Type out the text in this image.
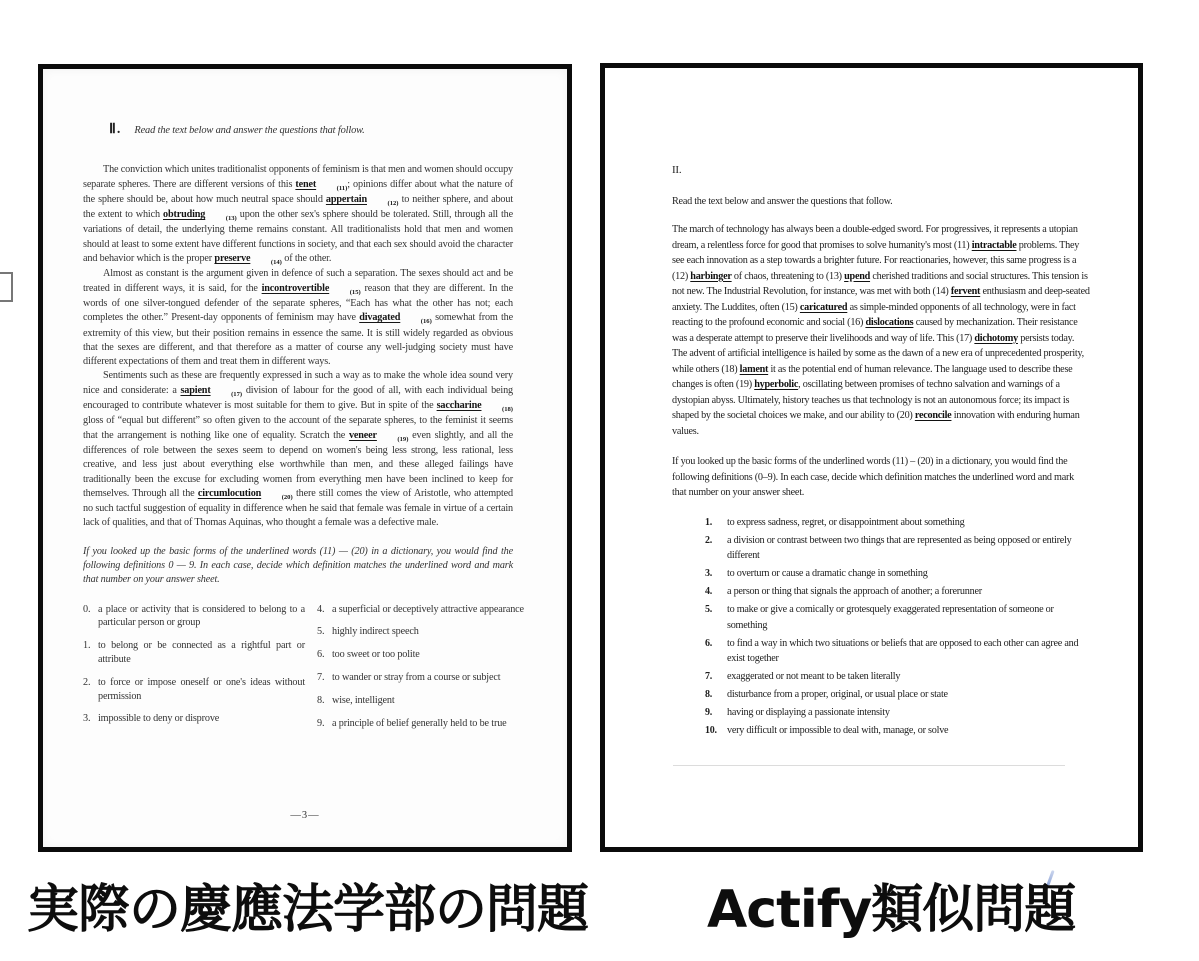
Ⅱ. Read the text below and answer the questions that follow.

The conviction which unites traditionalist opponents of feminism is that men and women should occupy separate spheres. There are different versions of this tenet	(11); opinions differ about what the nature of the sphere should be, about how much neutral space should appertain	(12) to neither sphere, and about the extent to which obtruding	(13) upon the other sex's sphere should be tolerated. Still, through all the variations of detail, the underlying theme remains constant. All traditionalists hold that men and women should at least to some extent have different functions in society, and that each sex should avoid the character and behavior which is the proper preserve	(14) of the other.

Almost as constant is the argument given in defence of such a separation. The sexes should act and be treated in different ways, it is said, for the incontrovertible	(15) reason that they are different. In the words of one silver-tongued defender of the separate spheres, “Each has what the other has not; each completes the other.” Present-day opponents of feminism may have divagated	(16) somewhat from the extremity of this view, but their position remains in essence the same. It is still widely regarded as obvious that the sexes are different, and that therefore as a matter of course any well-judging society must have different expectations of them and treat them in different ways.

Sentiments such as these are frequently expressed in such a way as to make the whole idea sound very nice and considerate: a sapient	(17) division of labour for the good of all, with each individual being encouraged to contribute whatever is most suitable for them to give. But in spite of the saccharine	(18) gloss of “equal but different” so often given to the account of the separate spheres, to the feminist it seems that the arrangement is nothing like one of equality. Scratch the veneer	(19) even slightly, and all the differences of role between the sexes seem to depend on women's being less strong, less rational, less creative, and less just about everything else worthwhile than men, and these alleged failings have traditionally been the excuse for excluding women from everything men have been inclined to keep for themselves. Through all the circumlocution	(20) there still comes the view of Aristotle, who attempted no such tactful suggestion of equality in difference when he said that female was female in virtue of a certain lack of qualities, and that of Thomas Aquinas, who thought a female was a defective male.

If you looked up the basic forms of the underlined words (11) — (20) in a dictionary, you would find the following definitions 0 — 9. In each case, decide which definition matches the underlined word and mark that number on your answer sheet.

0. a place or activity that is considered to belong to a particular person or group
1. to belong or be connected as a rightful part or attribute
2. to force or impose oneself or one's ideas without permission
3. impossible to deny or disprove
4. a superficial or deceptively attractive appearance
5. highly indirect speech
6. too sweet or too polite
7. to wander or stray from a course or subject
8. wise, intelligent
9. a principle of belief generally held to be true
—3—

II.

Read the text below and answer the questions that follow.

The march of technology has always been a double-edged sword. For progressives, it represents a utopian dream, a relentless force for good that promises to solve humanity's most (11) intractable problems. They see each innovation as a step towards a brighter future. For reactionaries, however, this same progress is a (12) harbinger of chaos, threatening to (13) upend cherished traditions and social structures. This tension is not new. The Industrial Revolution, for instance, was met with both (14) fervent enthusiasm and deep-seated anxiety. The Luddites, often (15) caricatured as simple-minded opponents of all technology, were in fact reacting to the profound economic and social (16) dislocations caused by mechanization. Their resistance was a desperate attempt to preserve their livelihoods and way of life. This (17) dichotomy persists today. The advent of artificial intelligence is hailed by some as the dawn of a new era of unprecedented prosperity, while others (18) lament it as the potential end of human relevance. The language used to describe these changes is often (19) hyperbolic, oscillating between promises of techno salvation and warnings of a dystopian abyss. Ultimately, history teaches us that technology is not an autonomous force; its impact is shaped by the societal choices we make, and our ability to (20) reconcile innovation with enduring human values.

If you looked up the basic forms of the underlined words (11) – (20) in a dictionary, you would find the following definitions (0–9). In each case, decide which definition matches the underlined word and mark that number on your answer sheet.

1.	to express sadness, regret, or disappointment about something
2.	a division or contrast between two things that are represented as being opposed or entirely different
3.	to overturn or cause a dramatic change in something
4.	a person or thing that signals the approach of another; a forerunner
5.	to make or give a comically or grotesquely exaggerated representation of someone or something
6.	to find a way in which two situations or beliefs that are opposed to each other can agree and exist together
7.	exaggerated or not meant to be taken literally
8.	disturbance from a proper, original, or usual place or state
9.	having or displaying a passionate intensity
10.	very difficult or impossible to deal with, manage, or solve
実際の慶應法学部の問題 Actify類似問題
